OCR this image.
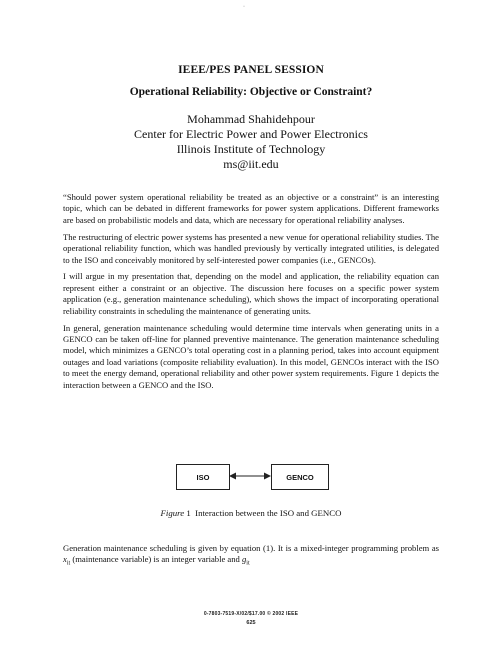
·
IEEE/PES PANEL SESSION
Operational Reliability: Objective or Constraint?
Mohammad Shahidehpour
Center for Electric Power and Power Electronics
Illinois Institute of Technology
ms@iit.edu

“Should power system operational reliability be treated as an objective or a constraint” is an interesting topic, which can be debated in different frameworks for power system applications. Different frameworks are based on probabilistic models and data, which are necessary for operational reliability analyses.

The restructuring of electric power systems has presented a new venue for operational reliability studies. The operational reliability function, which was handled previously by vertically integrated utilities, is delegated to the ISO and conceivably monitored by self-interested power companies (i.e., GENCOs).

I will argue in my presentation that, depending on the model and application, the reliability equation can represent either a constraint or an objective. The discussion here focuses on a specific power system application (e.g., generation maintenance scheduling), which shows the impact of incorporating operational reliability constraints in scheduling the maintenance of generating units.

In general, generation maintenance scheduling would determine time intervals when generating units in a GENCO can be taken off-line for planned preventive maintenance. The generation maintenance scheduling model, which minimizes a GENCO’s total operating cost in a planning period, takes into account equipment outages and load variations (composite reliability evaluation). In this model, GENCOs interact with the ISO to meet the energy demand, operational reliability and other power system requirements. Figure 1 depicts the interaction between a GENCO and the ISO.

ISO	GENCO
Figure 1 Interaction between the ISO and GENCO

Generation maintenance scheduling is given by equation (1). It is a mixed-integer programming problem as $x_{it}$ (maintenance variable) is an integer variable and $g_{it}$

0-7803-7519-X/02/$17.00 © 2002 IEEE
625
